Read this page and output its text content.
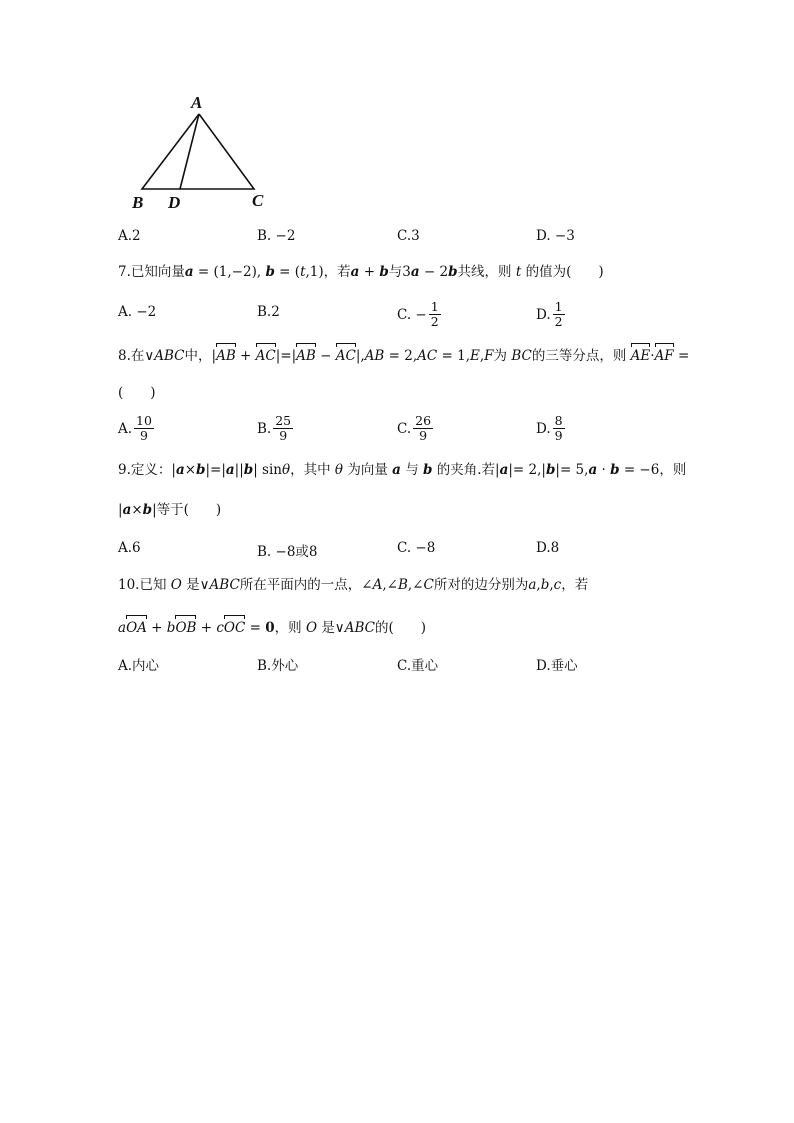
A
B D	C
A.2	B. −2	C.3	D. −3
7.已知向量a = (1,−2), b = (t,1)，若a + b与3a − 2b共线，则 t 的值为(　　)
A. −2	B.2	C. − $\frac{1}{2}$	D. $\frac{1}{2}$
8.在∨ABC中，|AB + AC|=|AB − AC|,AB = 2,AC = 1,E,F为 BC的三等分点，则 AE·AF =
(　　)
A. $\frac{10}{9}$	B. $\frac{25}{9}$	C. $\frac{26}{9}$	D. $\frac{8}{9}$
9.定义：|a×b|=|a||b| sinθ，其中 θ 为向量 a 与 b 的夹角.若|a|= 2,|b|= 5,a · b = −6，则
|a×b|等于(　　)
A.6	B. −8或8	C. −8	D.8
10.已知 O 是∨ABC所在平面内的一点，∠A,∠B,∠C所对的边分别为a,b,c，若
aOA + bOB + cOC = 0，则 O 是∨ABC的(　　)
A.内心	B.外心	C.重心	D.垂心
